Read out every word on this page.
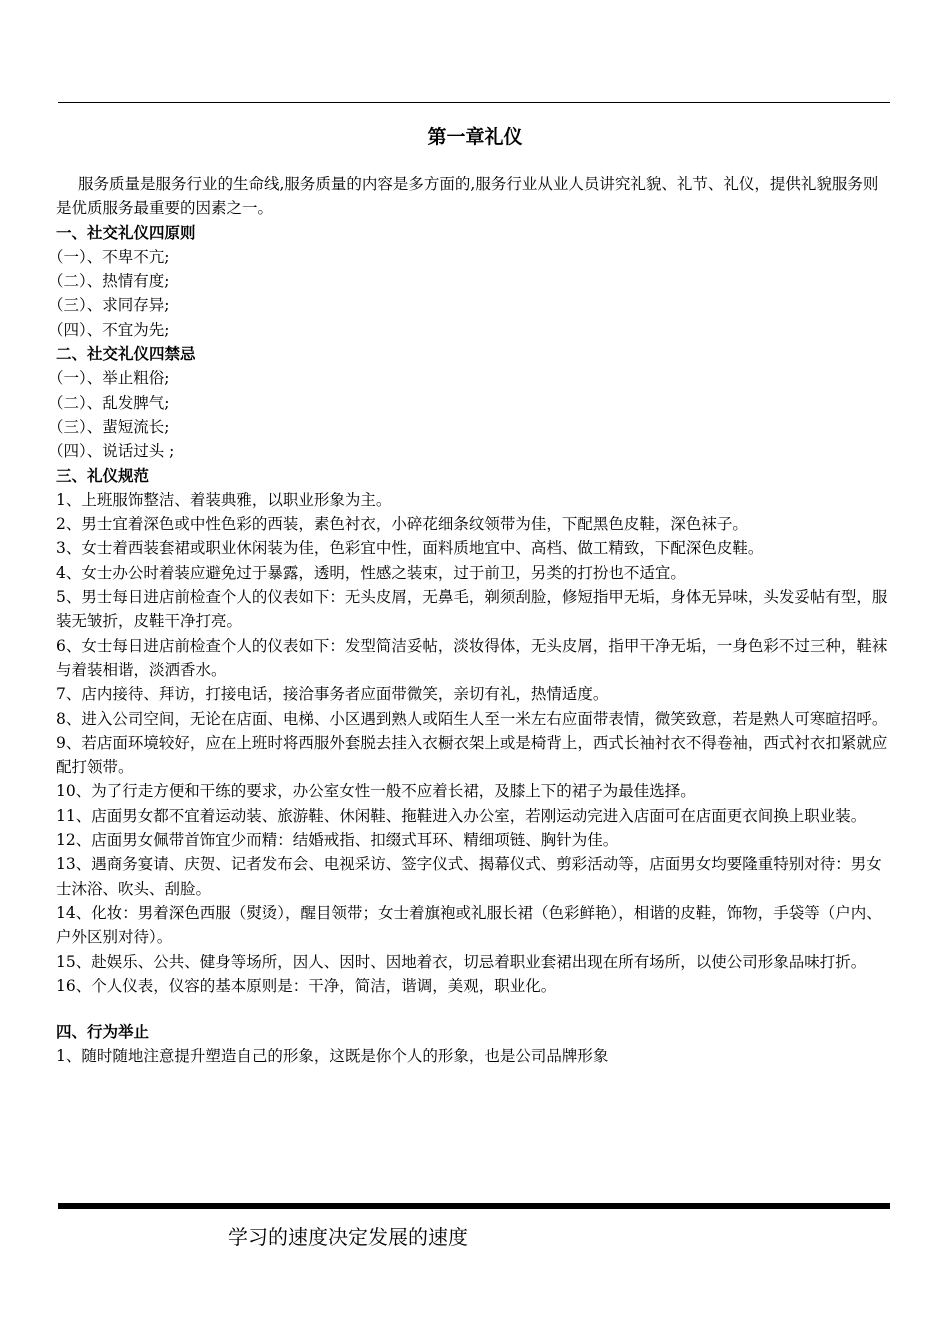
第一章礼仪

服务质量是服务行业的生命线,服务质量的内容是多方面的,服务行业从业人员讲究礼貌、礼节、礼仪，提供礼貌服务则是优质服务最重要的因素之一。

一、社交礼仪四原则

（一）、不卑不亢;

（二）、热情有度;

（三）、求同存异;

（四）、不宜为先;

二、社交礼仪四禁忌

（一）、举止粗俗;

（二）、乱发脾气;

（三）、蜚短流长;

（四）、说话过头 ;

三、礼仪规范

1、上班服饰整洁、着装典雅，以职业形象为主。

2、男士宜着深色或中性色彩的西装，素色衬衣，小碎花细条纹领带为佳，下配黑色皮鞋，深色袜子。

3、女士着西装套裙或职业休闲装为佳，色彩宜中性，面料质地宜中、高档、做工精致，下配深色皮鞋。

4、女士办公时着装应避免过于暴露，透明，性感之装束，过于前卫，另类的打扮也不适宜。

5、男士每日进店前检查个人的仪表如下：无头皮屑，无鼻毛，剃须刮脸，修短指甲无垢，身体无异味，头发妥帖有型，服装无皱折，皮鞋干净打亮。

6、女士每日进店前检查个人的仪表如下：发型简洁妥帖，淡妆得体，无头皮屑，指甲干净无垢，一身色彩不过三种，鞋袜与着装相谐，淡洒香水。

7、店内接待、拜访，打接电话，接洽事务者应面带微笑，亲切有礼，热情适度。

8、进入公司空间，无论在店面、电梯、小区遇到熟人或陌生人至一米左右应面带表情，微笑致意，若是熟人可寒暄招呼。

9、若店面环境较好，应在上班时将西服外套脱去挂入衣橱衣架上或是椅背上，西式长袖衬衣不得卷袖，西式衬衣扣紧就应配打领带。

10、为了行走方便和干练的要求，办公室女性一般不应着长裙，及膝上下的裙子为最佳选择。

11、店面男女都不宜着运动装、旅游鞋、休闲鞋、拖鞋进入办公室，若刚运动完进入店面可在店面更衣间换上职业装。

12、店面男女佩带首饰宜少而精：结婚戒指、扣缀式耳环、精细项链、胸针为佳。

13、遇商务宴请、庆贺、记者发布会、电视采访、签字仪式、揭幕仪式、剪彩活动等，店面男女均要隆重特别对待：男女士沐浴、吹头、刮脸。

14、化妆：男着深色西服（熨烫），醒目领带；女士着旗袍或礼服长裙（色彩鲜艳），相谐的皮鞋，饰物，手袋等（户内、户外区别对待）。

15、赴娱乐、公共、健身等场所，因人、因时、因地着衣，切忌着职业套裙出现在所有场所，以使公司形象品味打折。

16、个人仪表，仪容的基本原则是：干净，简洁，谐调，美观，职业化。

四、行为举止

1、随时随地注意提升塑造自己的形象，这既是你个人的形象，也是公司品牌形象

学习的速度决定发展的速度
